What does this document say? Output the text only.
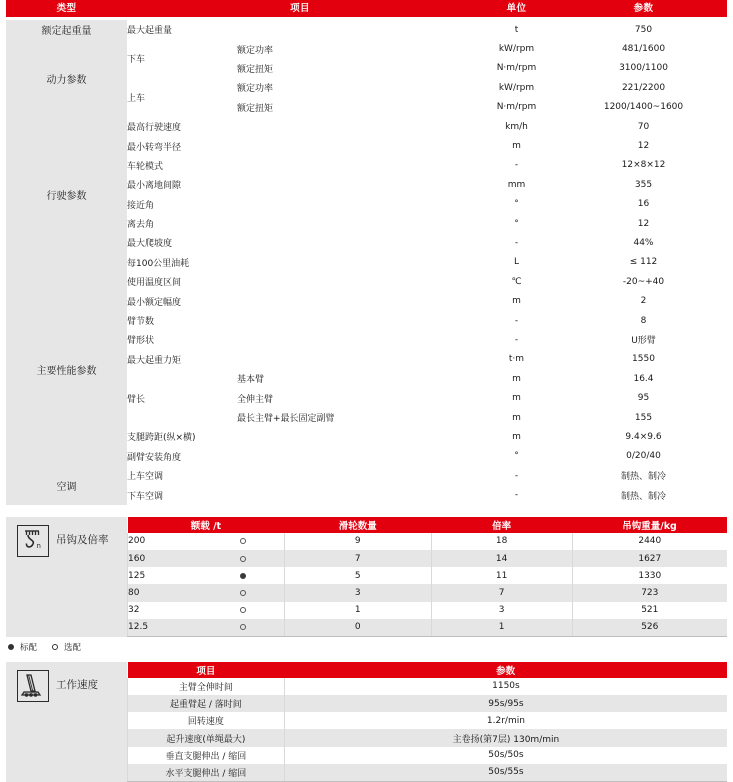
类型	项目		单位	参数

额定起重量	最大起重量		t	750
动力参数	下车	额定功率	kW/rpm	481/1600
		额定扭矩	N·m/rpm	3100/1100
	上车	额定功率	kW/rpm	221/2200
		额定扭矩	N·m/rpm	1200/1400~1600
行驶参数	最高行驶速度		km/h	70
	最小转弯半径		m	12
	车轮模式		-	12×8×12
	最小离地间隙		mm	355
	接近角		°	16
	离去角		°	12
	最大爬坡度		-	44%
	每100公里油耗		L	≤ 112
主要性能参数	使用温度区间		℃	-20~+40
	最小额定幅度		m	2
	臂节数		-	8
	臂形状		-	U形臂
	最大起重力矩		t·m	1550
	臂长	基本臂	m	16.4
		全伸主臂	m	95
		最长主臂+最长固定副臂	m	155
	支腿跨距(纵×横)		m	9.4×9.6
	副臂安装角度		°	0/20/40
空调	上车空调		-	制热、制冷
	下车空调		-	制热、制冷
n 吊钩及倍率
额载 /t	滑轮数量	倍率	吊钩重量/kg
200	9	18	2440
160	7	14	1627
125	5	11	1330
80	3	7	723
32	1	3	521
12.5	0	1	526
标配	选配
工作速度
项目	参数
主臂全伸时间	1150s
起重臂起 / 落时间	95s/95s
回转速度	1.2r/min
起升速度(单绳最大)	主卷扬(第7层) 130m/min
垂直支腿伸出 / 缩回	50s/50s
水平支腿伸出 / 缩回	50s/55s
